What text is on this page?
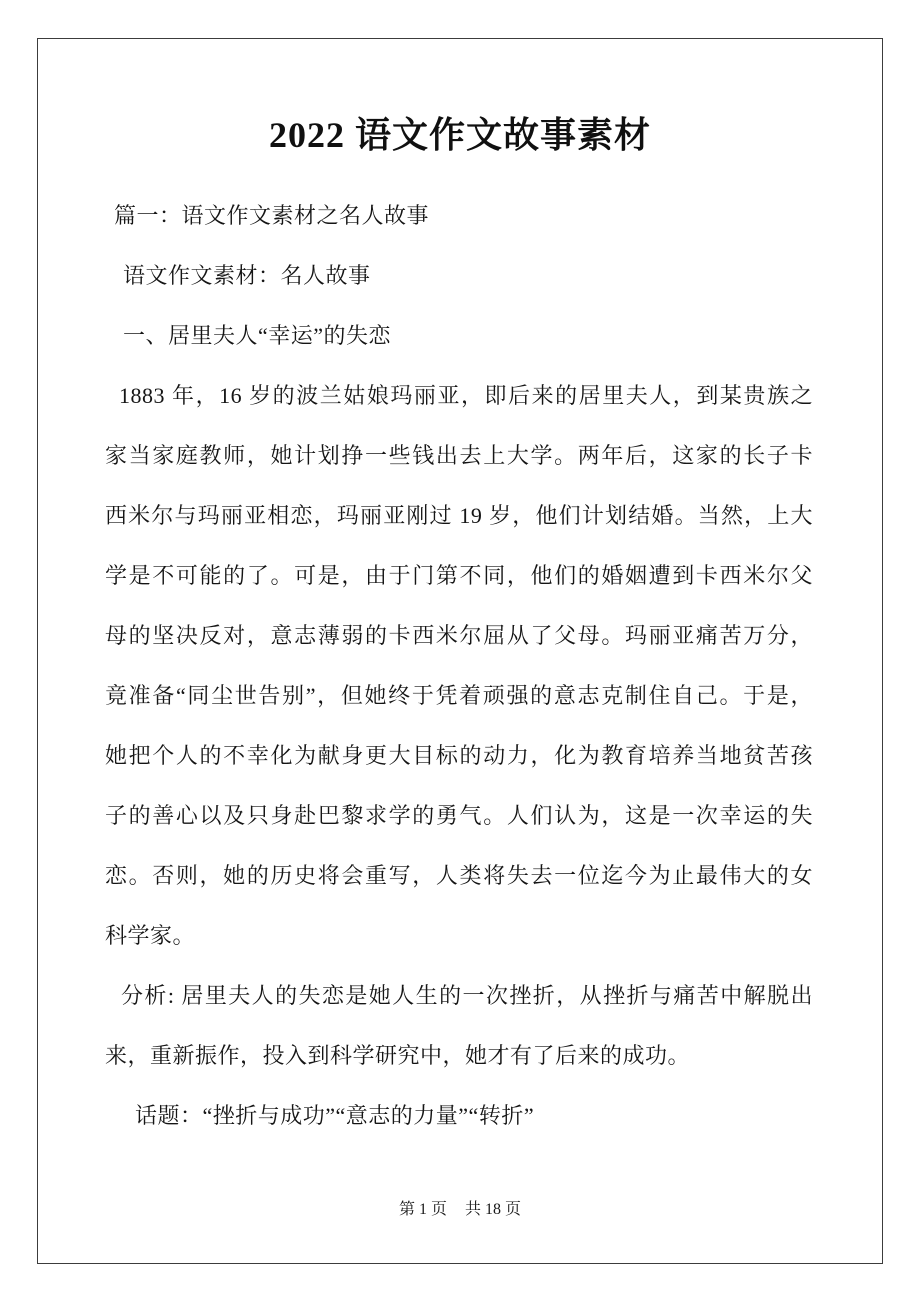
2022 语文作文故事素材
篇一：语文作文素材之名人故事
语文作文素材：名人故事
一、居里夫人“幸运”的失恋
1883 年，16 岁的波兰姑娘玛丽亚，即后来的居里夫人，到某贵族之
家当家庭教师，她计划挣一些钱出去上大学。两年后，这家的长子卡
西米尔与玛丽亚相恋，玛丽亚刚过 19 岁，他们计划结婚。当然，上大
学是不可能的了。可是，由于门第不同，他们的婚姻遭到卡西米尔父
母的坚决反对，意志薄弱的卡西米尔屈从了父母。玛丽亚痛苦万分，
竟准备“同尘世告别”，但她终于凭着顽强的意志克制住自己。于是，
她把个人的不幸化为献身更大目标的动力，化为教育培养当地贫苦孩
子的善心以及只身赴巴黎求学的勇气。人们认为，这是一次幸运的失
恋。否则，她的历史将会重写，人类将失去一位迄今为止最伟大的女
科学家。
分析: 居里夫人的失恋是她人生的一次挫折，从挫折与痛苦中解脱出
来，重新振作，投入到科学研究中，她才有了后来的成功。
话题：“挫折与成功”“意志的力量”“转折”
第 1 页 共 18 页
